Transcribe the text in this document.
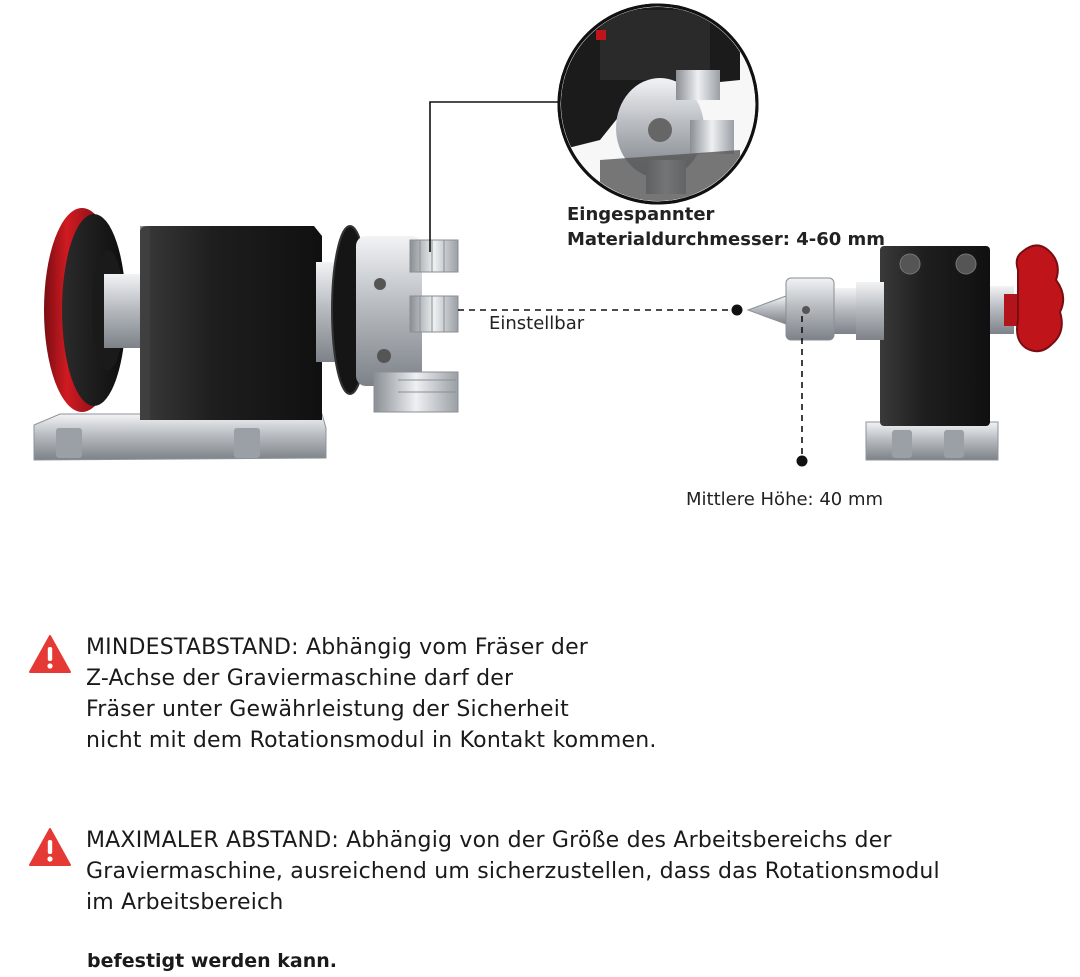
Eingespannter
Materialdurchmesser: 4-60 mm
Einstellbar
Mittlere Höhe: 40 mm
MINDESTABSTAND: Abhängig vom Fräser der
Z-Achse der Graviermaschine darf der
Fräser unter Gewährleistung der Sicherheit
nicht mit dem Rotationsmodul in Kontakt kommen.
MAXIMALER ABSTAND: Abhängig von der Größe des Arbeitsbereichs der
Graviermaschine, ausreichend um sicherzustellen, dass das Rotationsmodul
im Arbeitsbereich
befestigt werden kann.
